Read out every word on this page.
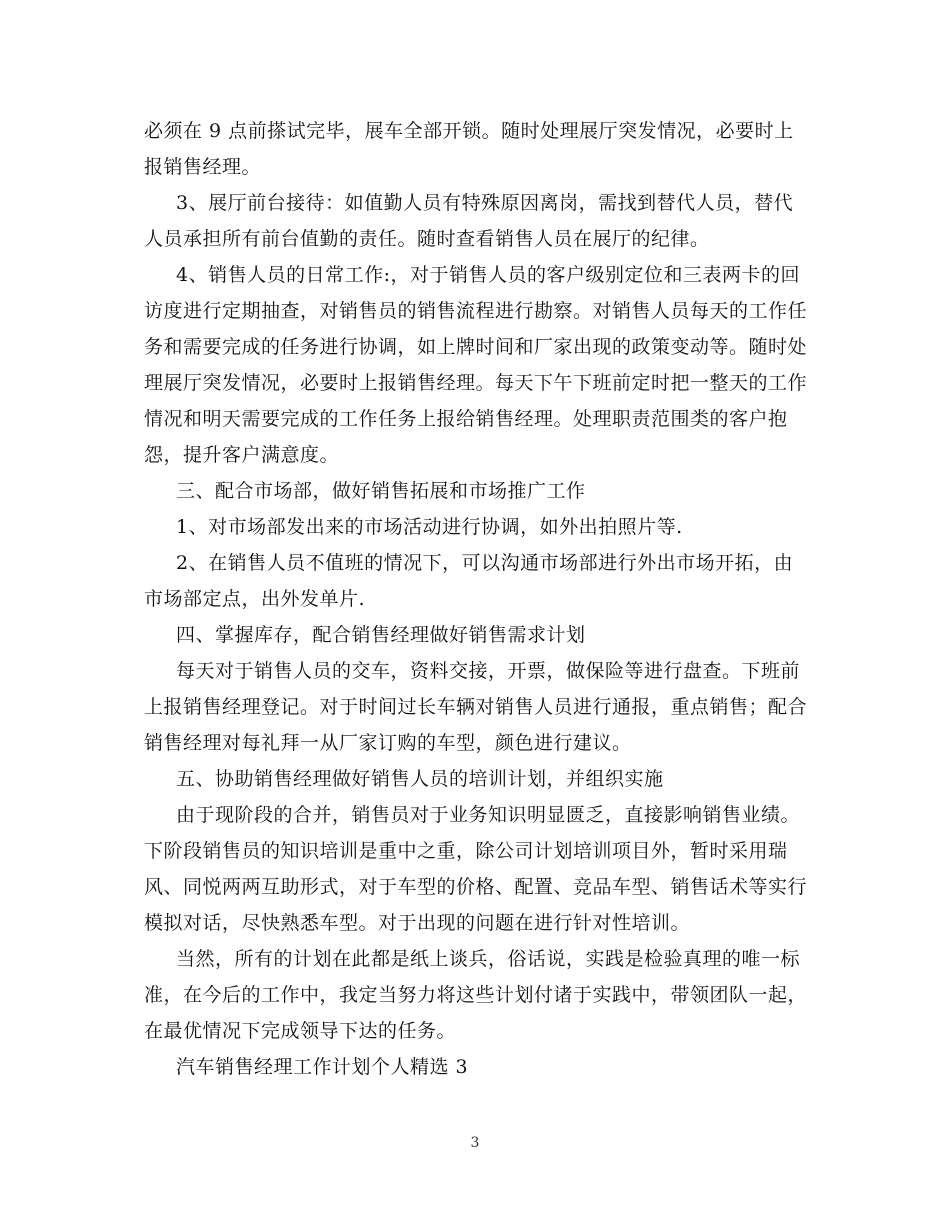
必须在 9 点前搽试完毕，展车全部开锁。随时处理展厅突发情况，必要时上报销售经理。

3、展厅前台接待：如值勤人员有特殊原因离岗，需找到替代人员，替代人员承担所有前台值勤的责任。随时查看销售人员在展厅的纪律。

4、销售人员的日常工作:，对于销售人员的客户级别定位和三表两卡的回访度进行定期抽查，对销售员的销售流程进行勘察。对销售人员每天的工作任务和需要完成的任务进行协调，如上牌时间和厂家出现的政策变动等。随时处理展厅突发情况，必要时上报销售经理。每天下午下班前定时把一整天的工作情况和明天需要完成的工作任务上报给销售经理。处理职责范围类的客户抱怨，提升客户满意度。

三、配合市场部，做好销售拓展和市场推广工作

1、对市场部发出来的市场活动进行协调，如外出拍照片等.

2、在销售人员不值班的情况下，可以沟通市场部进行外出市场开拓，由市场部定点，出外发单片.

四、掌握库存，配合销售经理做好销售需求计划

每天对于销售人员的交车，资料交接，开票，做保险等进行盘查。下班前上报销售经理登记。对于时间过长车辆对销售人员进行通报，重点销售；配合销售经理对每礼拜一从厂家订购的车型，颜色进行建议。

五、协助销售经理做好销售人员的培训计划，并组织实施

由于现阶段的合并，销售员对于业务知识明显匮乏，直接影响销售业绩。下阶段销售员的知识培训是重中之重，除公司计划培训项目外，暂时采用瑞风、同悦两两互助形式，对于车型的价格、配置、竞品车型、销售话术等实行模拟对话，尽快熟悉车型。对于出现的问题在进行针对性培训。

当然，所有的计划在此都是纸上谈兵，俗话说，实践是检验真理的唯一标准，在今后的工作中，我定当努力将这些计划付诸于实践中，带领团队一起，在最优情况下完成领导下达的任务。

汽车销售经理工作计划个人精选 3

3
